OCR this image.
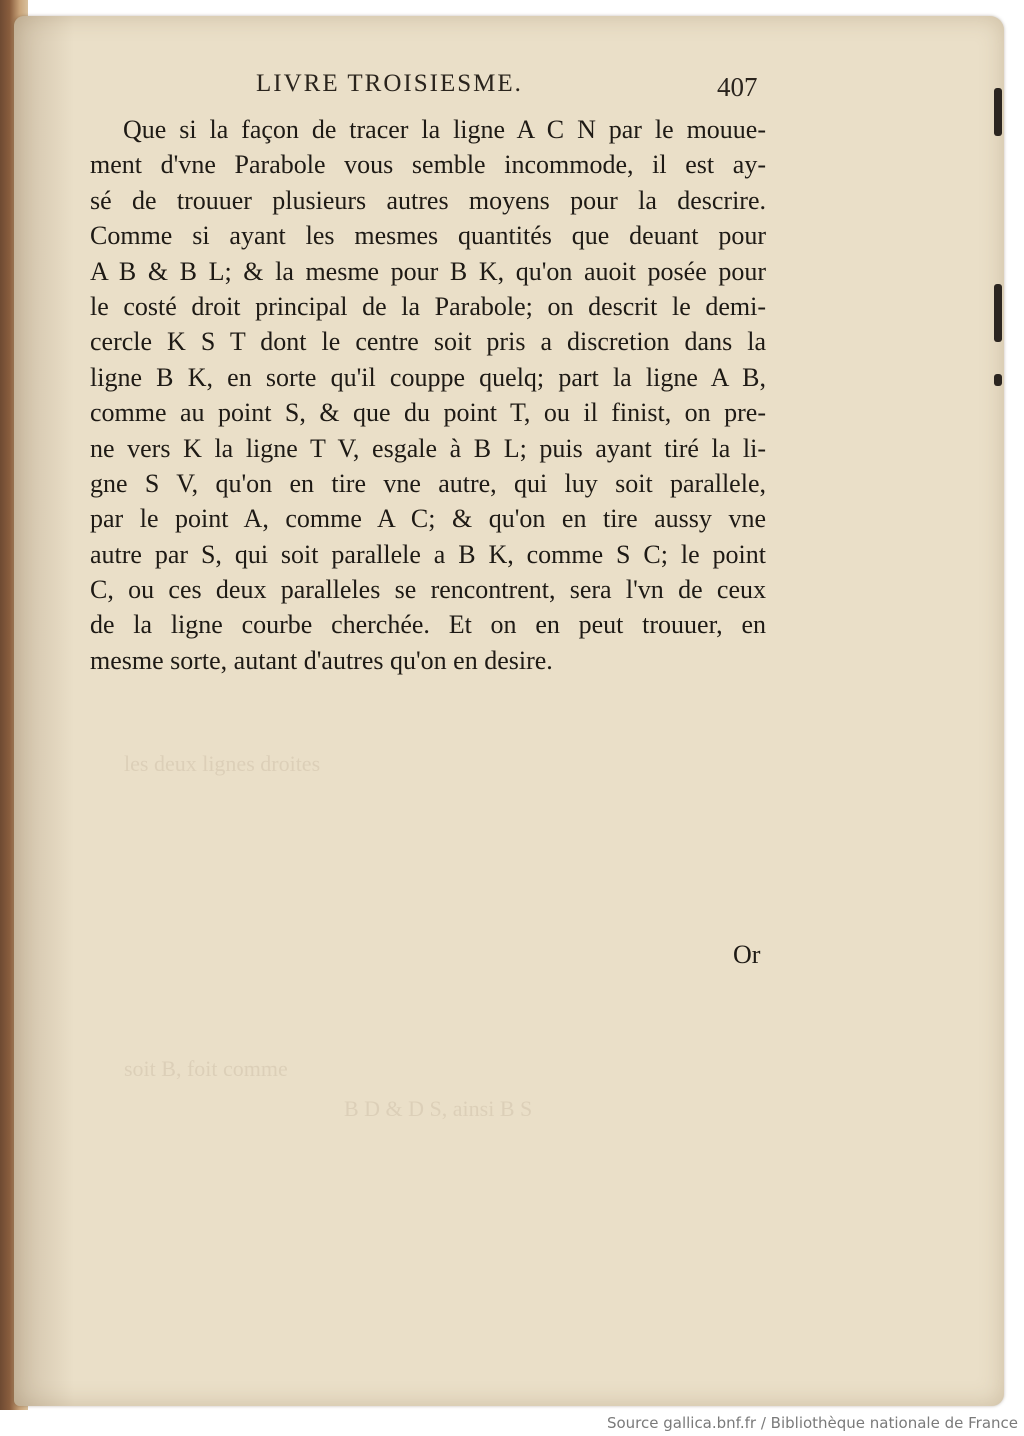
les deux lignes droites
soit B, foit comme
B D & D S, ainsi B S
LIVRE TROISIESME.	407
Que si la façon de tracer la ligne A C N par le mouue-
ment d'vne Parabole vous semble incommode, il est ay-
sé de trouuer plusieurs autres moyens pour la descrire.
Comme si ayant les mesmes quantités que deuant pour
A B & B L; & la mesme pour B K, qu'on auoit posée pour
le costé droit principal de la Parabole; on descrit le demi-
cercle K S T dont le centre soit pris a discretion dans la
ligne B K, en sorte qu'il couppe quelq; part la ligne A B,
comme au point S, & que du point T, ou il finist, on pre-
ne vers K la ligne T V, esgale à B L; puis ayant tiré la li-
gne S V, qu'on en tire vne autre, qui luy soit parallele,
par le point A, comme A C; & qu'on en tire aussy vne
autre par S, qui soit parallele a B K, comme S C; le point
C, ou ces deux paralleles se rencontrent, sera l'vn de ceux
de la ligne courbe cherchée. Et on en peut trouuer, en
mesme sorte, autant d'autres qu'on en desire.
Or
Source gallica.bnf.fr / Bibliothèque nationale de France
